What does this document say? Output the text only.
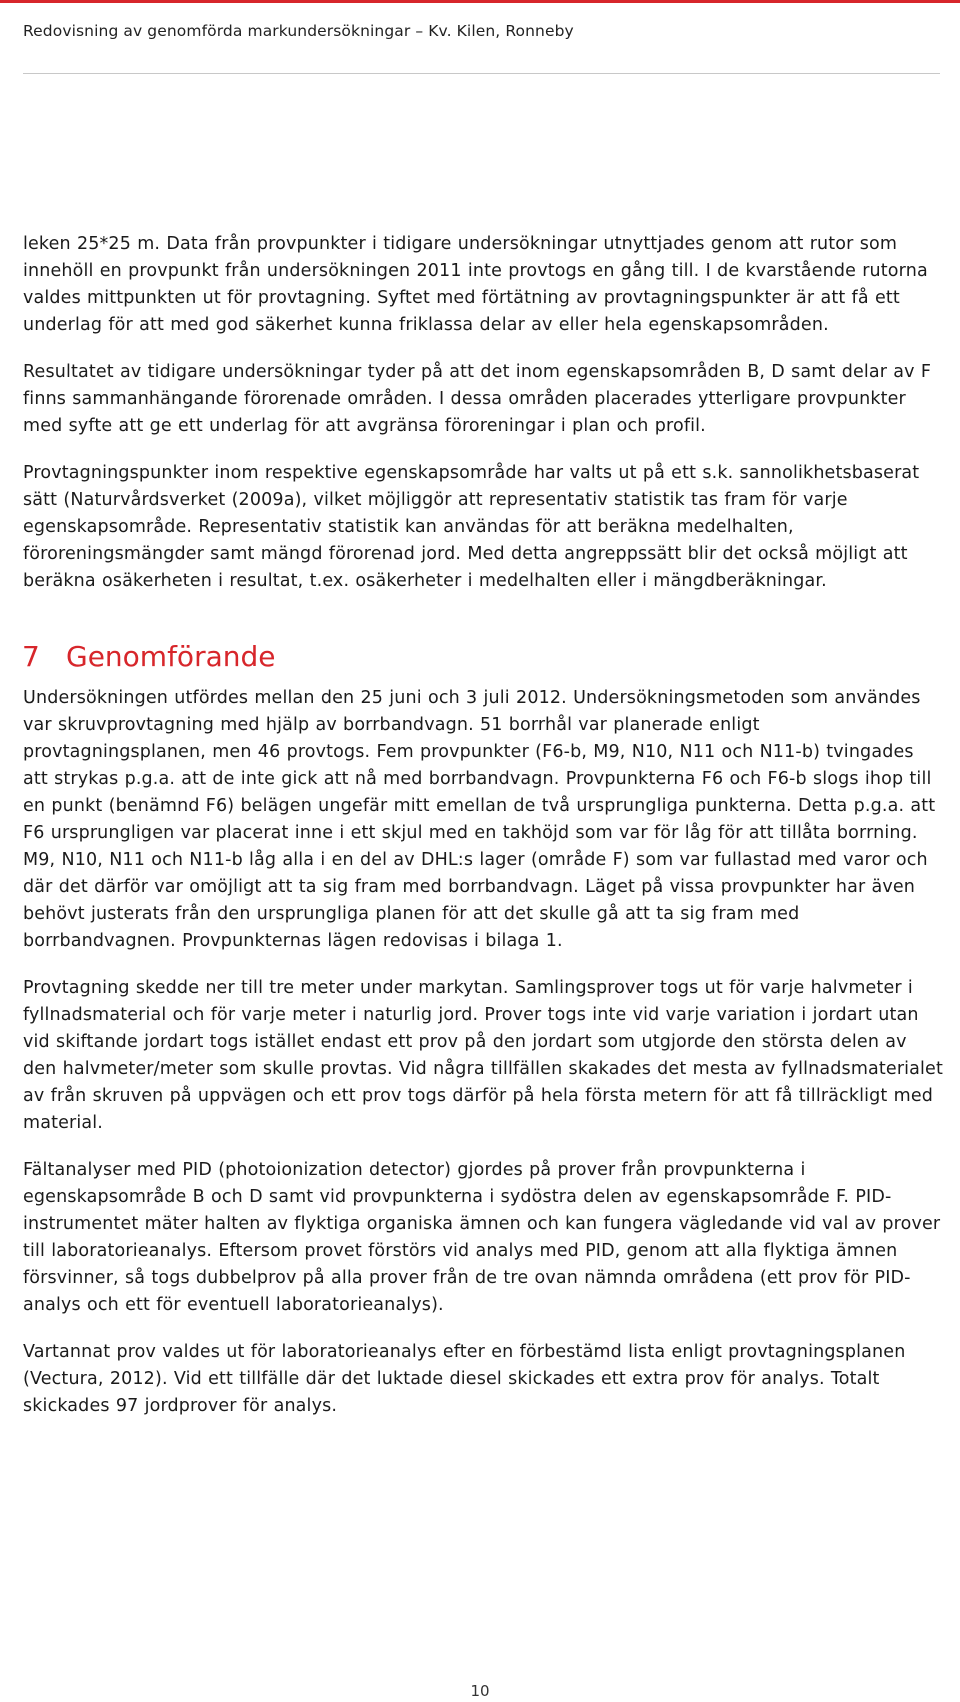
Redovisning av genomförda markundersökningar – Kv. Kilen, Ronneby

leken 25*25 m. Data från provpunkter i tidigare undersökningar utnyttjades genom att rutor som innehöll en provpunkt från undersökningen 2011 inte provtogs en gång till. I de kvarstående rutorna valdes mittpunkten ut för provtagning. Syftet med förtätning av provtagningspunkter är att få ett underlag för att med god säkerhet kunna friklassa delar av eller hela egenskapsområden.

Resultatet av tidigare undersökningar tyder på att det inom egenskapsområden B, D samt delar av F finns sammanhängande förorenade områden. I dessa områden placerades ytterligare provpunkter med syfte att ge ett underlag för att avgränsa föroreningar i plan och profil.

Provtagningspunkter inom respektive egenskapsområde har valts ut på ett s.k. sannolikhetsbaserat sätt (Naturvårdsverket (2009a), vilket möjliggör att representativ statistik tas fram för varje egenskapsområde. Representativ statistik kan användas för att beräkna medelhalten, föroreningsmängder samt mängd förorenad jord. Med detta angreppssätt blir det också möjligt att beräkna osäkerheten i resultat, t.ex. osäkerheter i medelhalten eller i mängdberäkningar.

7 Genomförande

Undersökningen utfördes mellan den 25 juni och 3 juli 2012. Undersökningsmetoden som användes var skruvprovtagning med hjälp av borrbandvagn. 51 borrhål var planerade enligt provtagningsplanen, men 46 provtogs. Fem provpunkter (F6-b, M9, N10, N11 och N11-b) tvingades att strykas p.g.a. att de inte gick att nå med borrbandvagn. Provpunkterna F6 och F6-b slogs ihop till en punkt (benämnd F6) belägen ungefär mitt emellan de två ursprungliga punkterna. Detta p.g.a. att F6 ursprungligen var placerat inne i ett skjul med en takhöjd som var för låg för att tillåta borrning. M9, N10, N11 och N11-b låg alla i en del av DHL:s lager (område F) som var fullastad med varor och där det därför var omöjligt att ta sig fram med borrbandvagn. Läget på vissa provpunkter har även behövt justerats från den ursprungliga planen för att det skulle gå att ta sig fram med borrbandvagnen. Provpunkternas lägen redovisas i bilaga 1.

Provtagning skedde ner till tre meter under markytan. Samlingsprover togs ut för varje halvmeter i fyllnadsmaterial och för varje meter i naturlig jord. Prover togs inte vid varje variation i jordart utan vid skiftande jordart togs istället endast ett prov på den jordart som utgjorde den största delen av den halvmeter/meter som skulle provtas. Vid några tillfällen skakades det mesta av fyllnadsmaterialet av från skruven på uppvägen och ett prov togs därför på hela första metern för att få tillräckligt med material.

Fältanalyser med PID (photoionization detector) gjordes på prover från provpunkterna i egenskapsområde B och D samt vid provpunkterna i sydöstra delen av egenskapsområde F. PID-instrumentet mäter halten av flyktiga organiska ämnen och kan fungera vägledande vid val av prover till laboratorieanalys. Eftersom provet förstörs vid analys med PID, genom att alla flyktiga ämnen försvinner, så togs dubbelprov på alla prover från de tre ovan nämnda områdena (ett prov för PID-analys och ett för eventuell laboratorieanalys).

Vartannat prov valdes ut för laboratorieanalys efter en förbestämd lista enligt provtagningsplanen (Vectura, 2012). Vid ett tillfälle där det luktade diesel skickades ett extra prov för analys. Totalt skickades 97 jordprover för analys.

10
